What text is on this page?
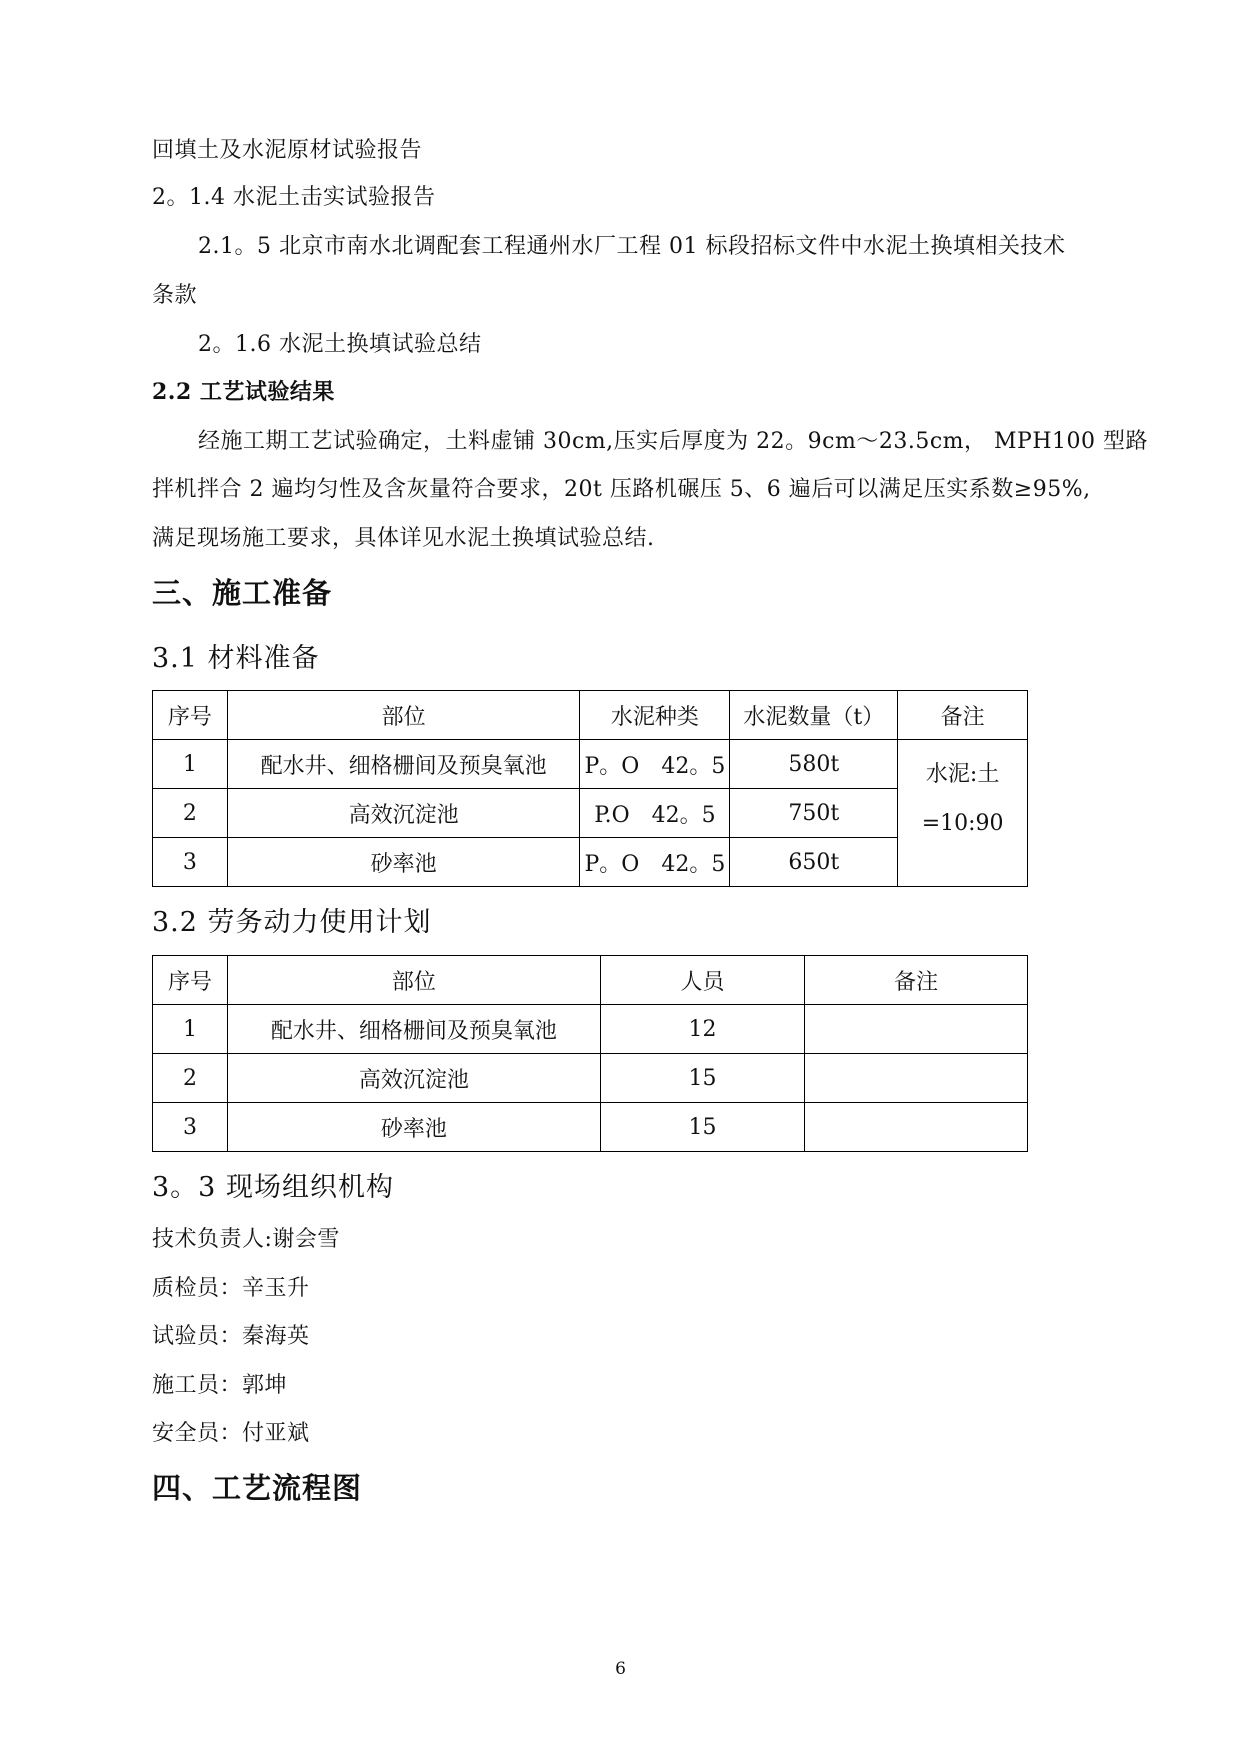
回填土及水泥原材试验报告
2。1.4 水泥土击实试验报告
2.1。5 北京市南水北调配套工程通州水厂工程 01 标段招标文件中水泥土换填相关技术
条款
2。1.6 水泥土换填试验总结
2.2 工艺试验结果
经施工期工艺试验确定，土料虚铺 30cm,压实后厚度为 22。9cm～23.5cm， MPH100 型路
拌机拌合 2 遍均匀性及含灰量符合要求，20t 压路机碾压 5、6 遍后可以满足压实系数≥95%,
满足现场施工要求，具体详见水泥土换填试验总结.
三、施工准备
3.1 材料准备
序号	部位	水泥种类	水泥数量（t）	备注
1	配水井、细格栅间及预臭氧池	P。O　42。5	580t	水泥:土
=10:90

2	高效沉淀池	P.O　42。5	750t	
3	砂率池	P。O　42。5	650t	
3.2 劳务动力使用计划
序号	部位	人员	备注
1	配水井、细格栅间及预臭氧池	12	
2	高效沉淀池	15	
3	砂率池	15	
3。3 现场组织机构
技术负责人:谢会雪
质检员：辛玉升
试验员：秦海英
施工员：郭坤
安全员：付亚斌
四、工艺流程图
6
